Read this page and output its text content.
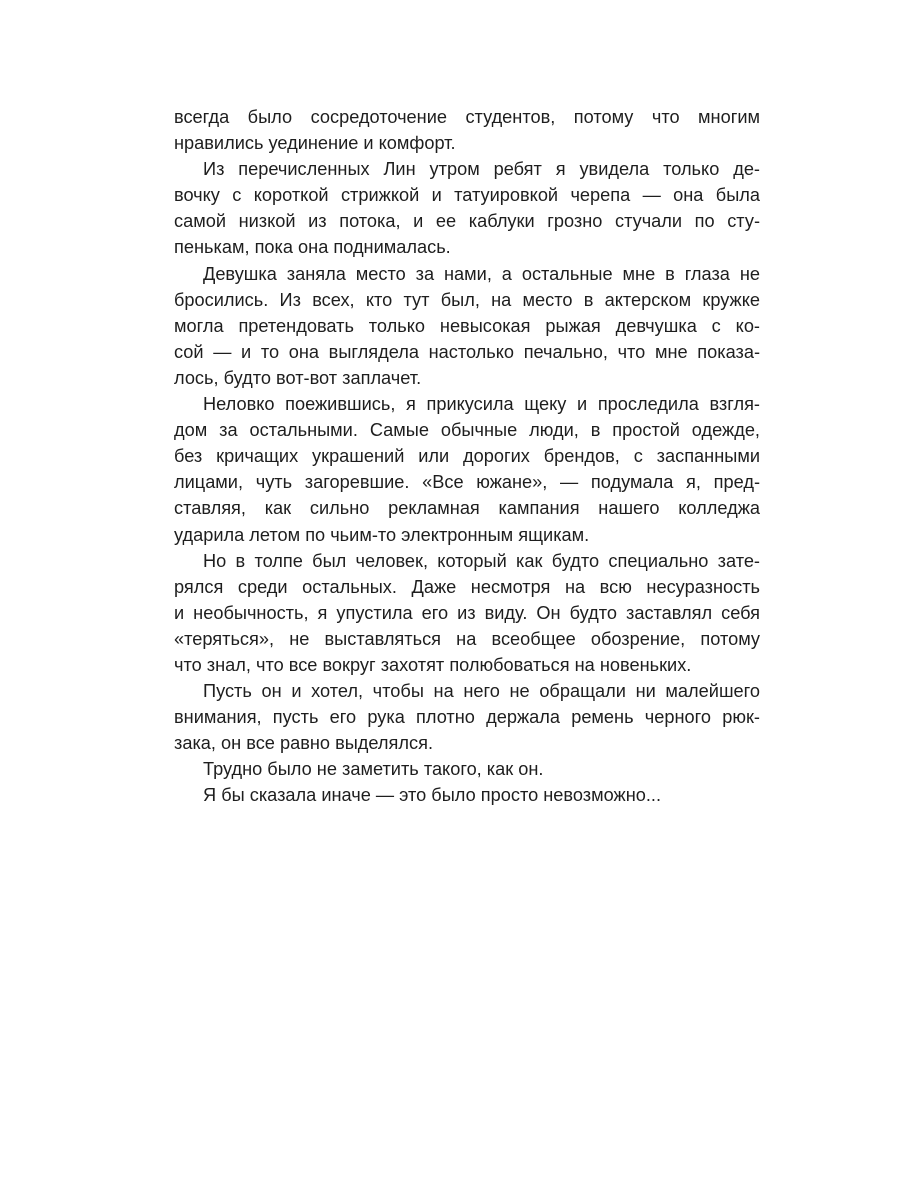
всегда было сосредоточение студентов, потому что многим
нравились уединение и комфорт.
Из перечисленных Лин утром ребят я увидела только де-
вочку с короткой стрижкой и татуировкой черепа — она была
самой низкой из потока, и ее каблуки грозно стучали по сту-
пенькам, пока она поднималась.
Девушка заняла место за нами, а остальные мне в глаза не
бросились. Из всех, кто тут был, на место в актерском кружке
могла претендовать только невысокая рыжая девчушка с ко-
сой — и то она выглядела настолько печально, что мне показа-
лось, будто вот-вот заплачет.
Неловко поежившись, я прикусила щеку и проследила взгля-
дом за остальными. Самые обычные люди, в простой одежде,
без кричащих украшений или дорогих брендов, с заспанными
лицами, чуть загоревшие. «Все южане», — подумала я, пред-
ставляя, как сильно рекламная кампания нашего колледжа
ударила летом по чьим-то электронным ящикам.
Но в толпе был человек, который как будто специально зате-
рялся среди остальных. Даже несмотря на всю несуразность
и необычность, я упустила его из виду. Он будто заставлял себя
«теряться», не выставляться на всеобщее обозрение, потому
что знал, что все вокруг захотят полюбоваться на новеньких.
Пусть он и хотел, чтобы на него не обращали ни малейшего
внимания, пусть его рука плотно держала ремень черного рюк-
зака, он все равно выделялся.
Трудно было не заметить такого, как он.
Я бы сказала иначе — это было просто невозможно...
